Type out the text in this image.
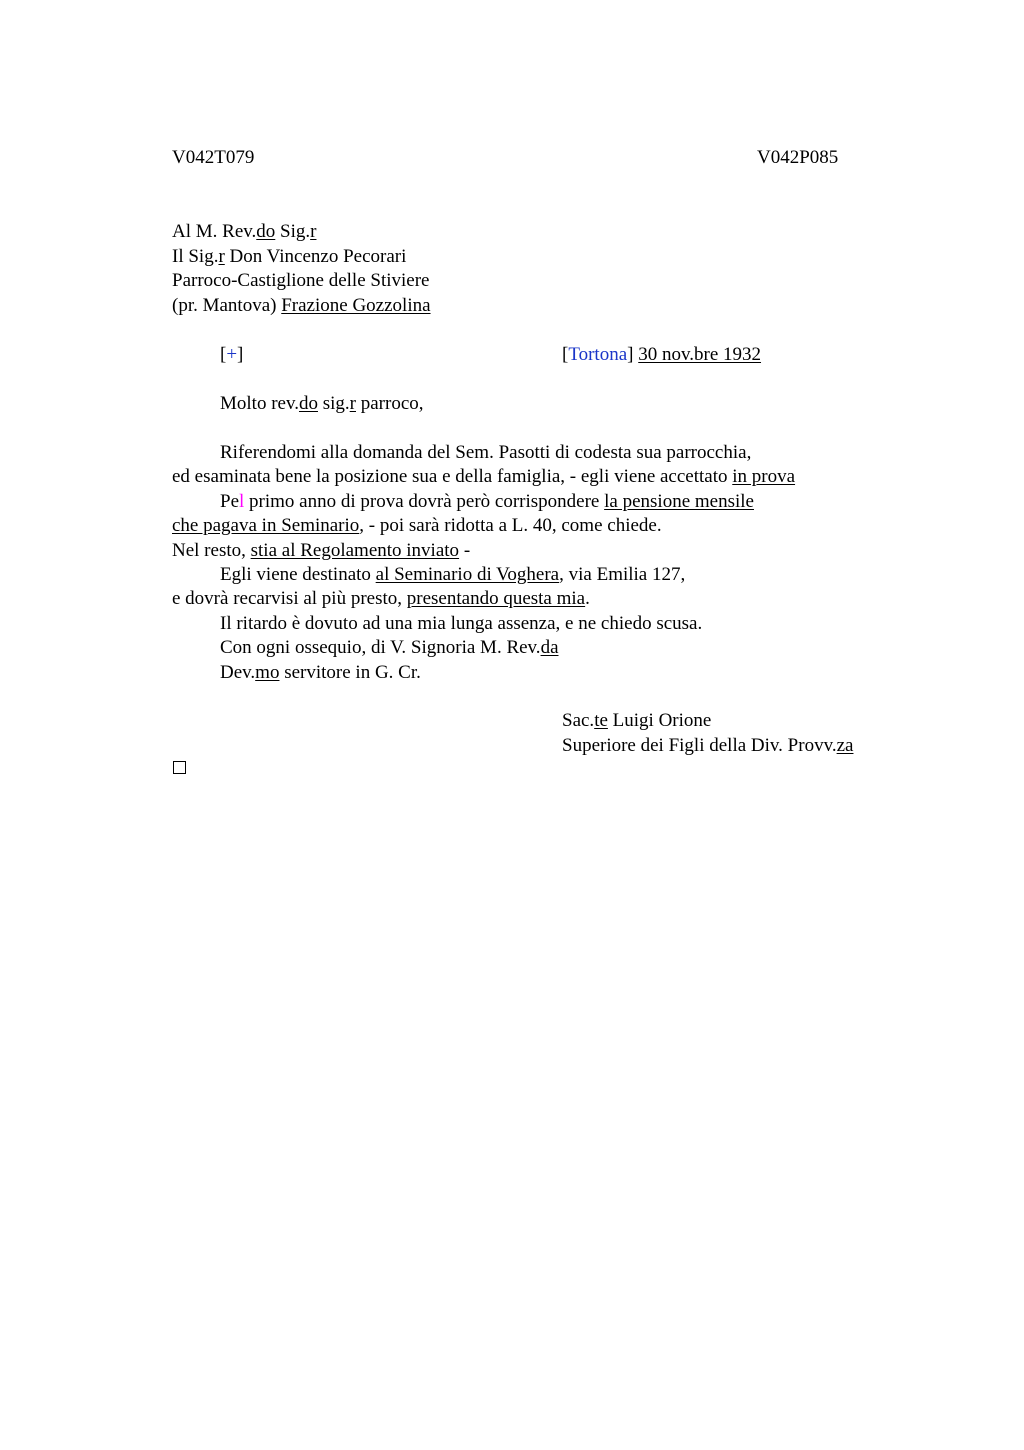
V042T079	V042P085
Al M. Rev.do Sig.r
Il Sig.r Don Vincenzo Pecorari
Parroco-Castiglione delle Stiviere
(pr. Mantova) Frazione Gozzolina
[+]	[Tortona] 30 nov.bre 1932
Molto rev.do sig.r parroco,
Riferendomi alla domanda del Sem. Pasotti di codesta sua parrocchia,
ed esaminata bene la posizione sua e della famiglia, - egli viene accettato in prova
Pel primo anno di prova dovrà però corrispondere la pensione mensile
che pagava in Seminario, - poi sarà ridotta a L. 40, come chiede.
Nel resto, stia al Regolamento inviato -
Egli viene destinato al Seminario di Voghera, via Emilia 127,
e dovrà recarvisi al più presto, presentando questa mia.
Il ritardo è dovuto ad una mia lunga assenza, e ne chiedo scusa.
Con ogni ossequio, di V. Signoria M. Rev.da
Dev.mo servitore in G. Cr.
Sac.te Luigi Orione
Superiore dei Figli della Div. Provv.za
